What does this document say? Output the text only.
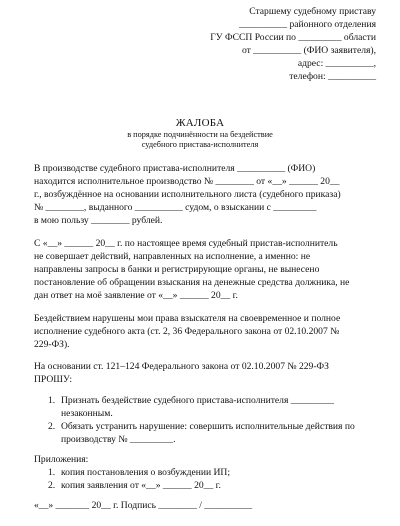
Старшему судебному приставу
__________ районного отделения
ГУ ФССП России по _________ области
от __________ (ФИО заявителя),
адрес: __________,
телефон: __________
ЖАЛОБА
в порядке подчинённости на бездействие
судебного пристава-исполнителя
В производстве судебного пристава-исполнителя __________ (ФИО)
находится исполнительное производство № ________ от «__» ______ 20__
г., возбуждённое на основании исполнительного листа (судебного приказа)
№ ________, выданного __________ судом, о взыскании с _________
в мою пользу ________ рублей.
С «__» ______ 20__ г. по настоящее время судебный пристав-исполнитель
не совершает действий, направленных на исполнение, а именно: не
направлены запросы в банки и регистрирующие органы, не вынесено
постановление об обращении взыскания на денежные средства должника, не
дан ответ на моё заявление от «__» ______ 20__ г.
Бездействием нарушены мои права взыскателя на своевременное и полное
исполнение судебного акта (ст. 2, 36 Федерального закона от 02.10.2007 №
229-ФЗ).
На основании ст. 121–124 Федерального закона от 02.10.2007 № 229-ФЗ
ПРОШУ:
1. Признать бездействие судебного пристава-исполнителя _________
незаконным.
2. Обязать устранить нарушение: совершить исполнительные действия по
производству № _________.
Приложения:
1. копия постановления о возбуждении ИП;
2. копия заявления от «__» ______ 20__ г.
«__» _______ 20__ г. Подпись ________ / __________
